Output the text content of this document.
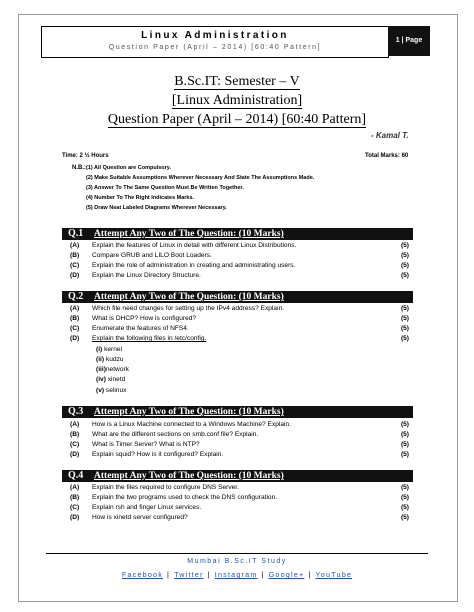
Linux Administration
Question Paper (April – 2014) [60:40 Pattern]
1 | Page
B.Sc.IT: Semester – V
[Linux Administration]
Question Paper (April – 2014) [60:40 Pattern]
- Kamal T.
Time: 2 ½ Hours	Total Marks: 60
N.B.: (1) All Question are Compulsory.
(2) Make Suitable Assumptions Wherever Necessary And State The Assumptions Made.
(3) Answer To The Same Question Must Be Written Together.
(4) Number To The Right Indicates Marks.
(5) Draw Neat Labeled Diagrams Wherever Necessary.
Q.1 Attempt Any Two of The Question: (10 Marks)
(A) Explain the features of Linux in detail with different Linux Distributions.	(5)
(B) Compare GRUB and LILO Boot Loaders.	(5)
(C) Explain the role of administration in creating and administrating users.	(5)
(D) Explain the Linux Directory Structure.	(5)
Q.2 Attempt Any Two of The Question: (10 Marks)
(A) Which file need changes for setting up the IPv4 address? Explain.	(5)
(B) What is DHCP? How is configured?	(5)
(C) Enumerate the features of NFS4.	(5)
(D) Explain the following files in /etc/config.	(5)
(i) kernel
(ii) kudzu
(iii)network
(iv) xinetd
(v) selinux
Q.3 Attempt Any Two of The Question: (10 Marks)
(A) How is a Linux Machine connected to a Windows Machine? Explain.	(5)
(B) What are the different sections on smb.conf file? Explain.	(5)
(C) What is Timer Server? What is NTP?	(5)
(D) Explain squid? How is it configured? Explain.	(5)
Q.4 Attempt Any Two of The Question: (10 Marks)
(A) Explain the files required to configure DNS Server.	(5)
(B) Explain the two programs used to check the DNS configuration.	(5)
(C) Explain rsh and finger Linux services.	(5)
(D) How is xinetd server configured?	(5)
Mumbai B.Sc.IT Study
Facebook | Twitter | Instagram | Google+ | YouTube
